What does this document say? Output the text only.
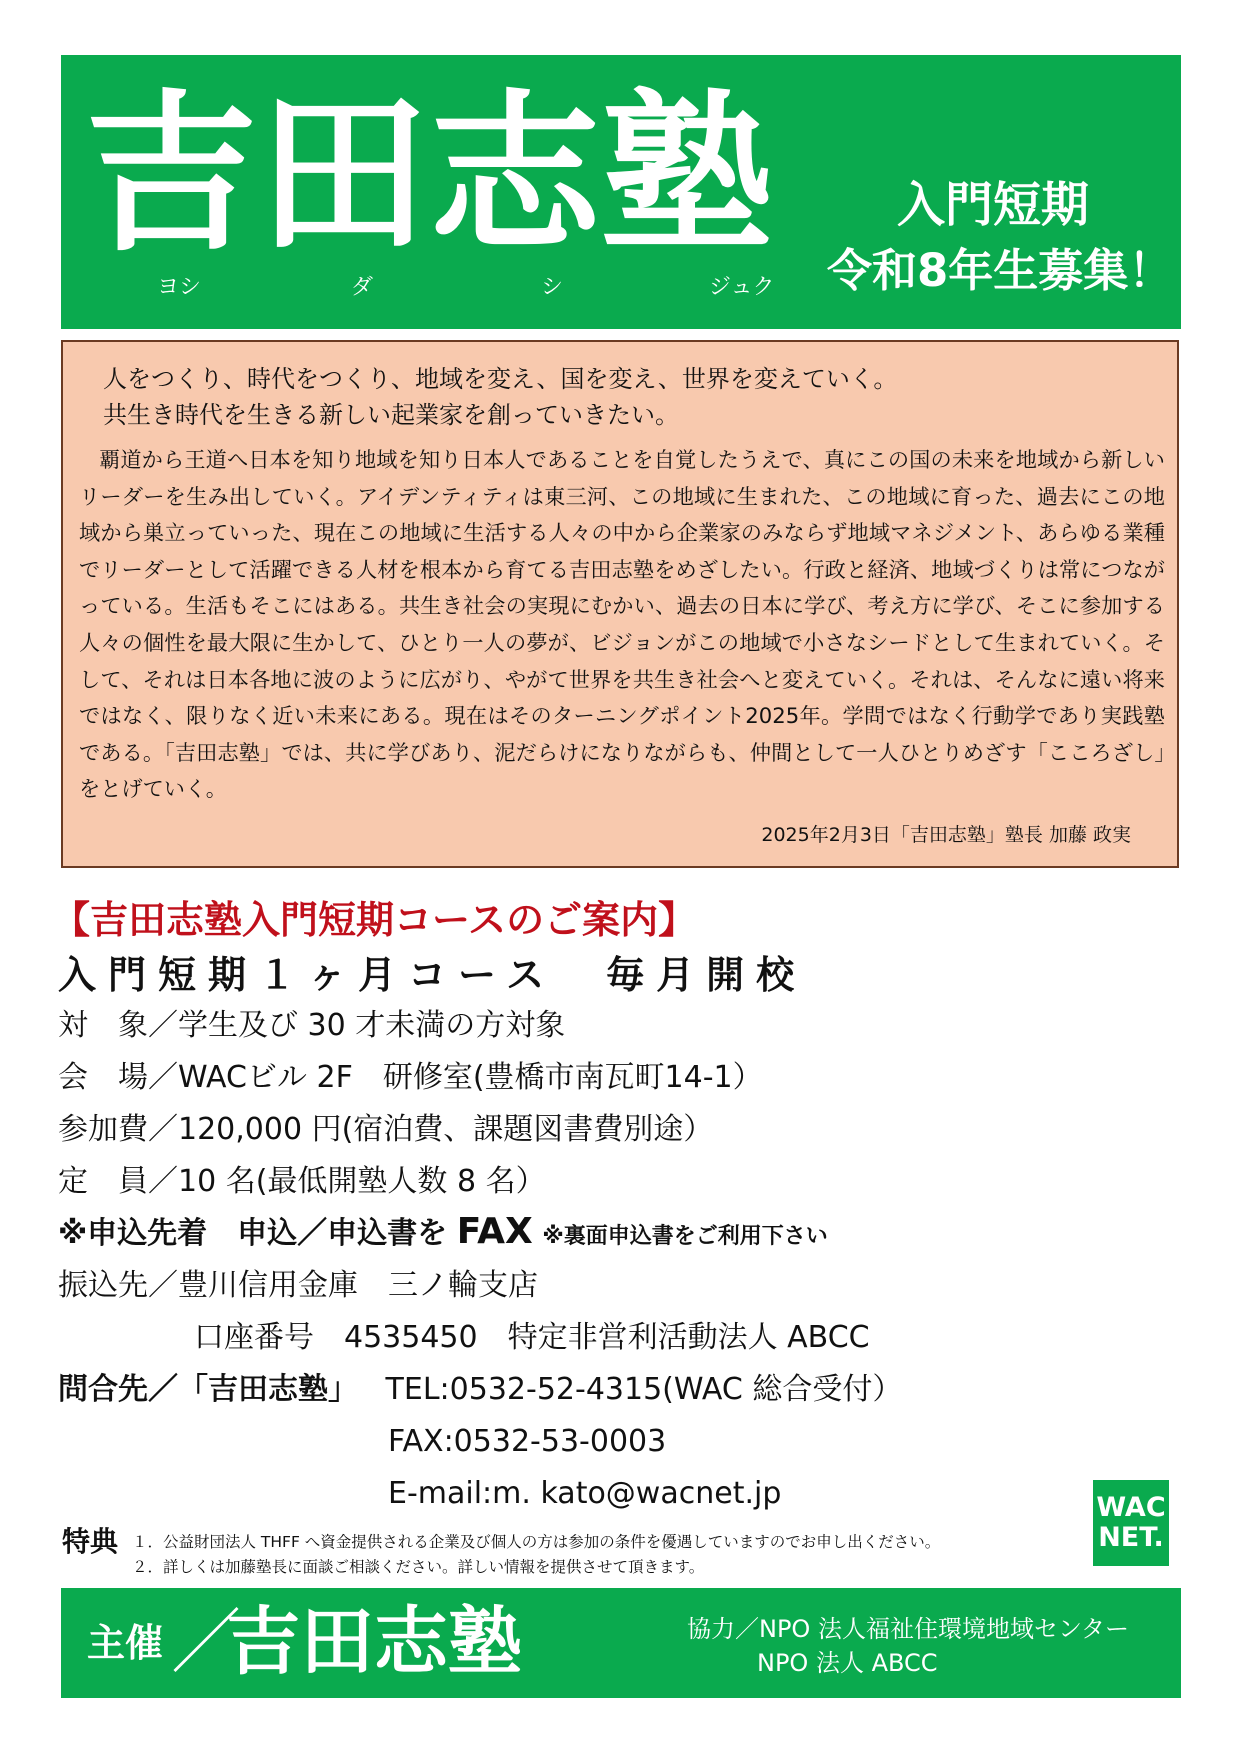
吉田志塾
ヨシ	ダ	シ	ジュク
入門短期
令和8年生募集！
人をつくり、時代をつくり、地域を変え、国を変え、世界を変えていく。
共生き時代を生きる新しい起業家を創っていきたい。
覇道から王道へ日本を知り地域を知り日本人であることを自覚したうえで、真にこの国の未来を地域から新しいリーダーを生み出していく。アイデンティティは東三河、この地域に生まれた、この地域に育った、過去にこの地域から巣立っていった、現在この地域に生活する人々の中から企業家のみならず地域マネジメント、あらゆる業種でリーダーとして活躍できる人材を根本から育てる吉田志塾をめざしたい。行政と経済、地域づくりは常につながっている。生活もそこにはある。共生き社会の実現にむかい、過去の日本に学び、考え方に学び、そこに参加する人々の個性を最大限に生かして、ひとり一人の夢が、ビジョンがこの地域で小さなシードとして生まれていく。そして、それは日本各地に波のように広がり、やがて世界を共生き社会へと変えていく。それは、そんなに遠い将来ではなく、限りなく近い未来にある。現在はそのターニングポイント2025年。学問ではなく行動学であり実践塾である。「吉田志塾」では、共に学びあり、泥だらけになりながらも、仲間として一人ひとりめざす「こころざし」をとげていく。
2025年2月3日「吉田志塾」塾長 加藤 政実
【吉田志塾入門短期コースのご案内】
入門短期１ヶ月コース　毎月開校
対　象／学生及び 30 才未満の方対象
会　場／WACビル 2F　研修室(豊橋市南瓦町14-1）
参加費／120,000 円(宿泊費、課題図書費別途）
定　員／10 名(最低開塾人数 8 名）
※申込先着　申込／申込書を FAX ※裏面申込書をご利用下さい
振込先／豊川信用金庫　三ノ輪支店
口座番号　4535450　特定非営利活動法人 ABCC
問合先／「吉田志塾」 TEL:0532-52-4315(WAC 総合受付）
FAX:0532-53-0003
E-mail:m. kato@wacnet.jp
特典 １．公益財団法人 THFF へ資金提供される企業及び個人の方は参加の条件を優遇していますのでお申し出ください。
２．詳しくは加藤塾長に面談ご相談ください。詳しい情報を提供させて頂きます。
WAC
NET.
主催 ／
吉田志塾	協力／NPO 法人福祉住環境地域センター
NPO 法人 ABCC
